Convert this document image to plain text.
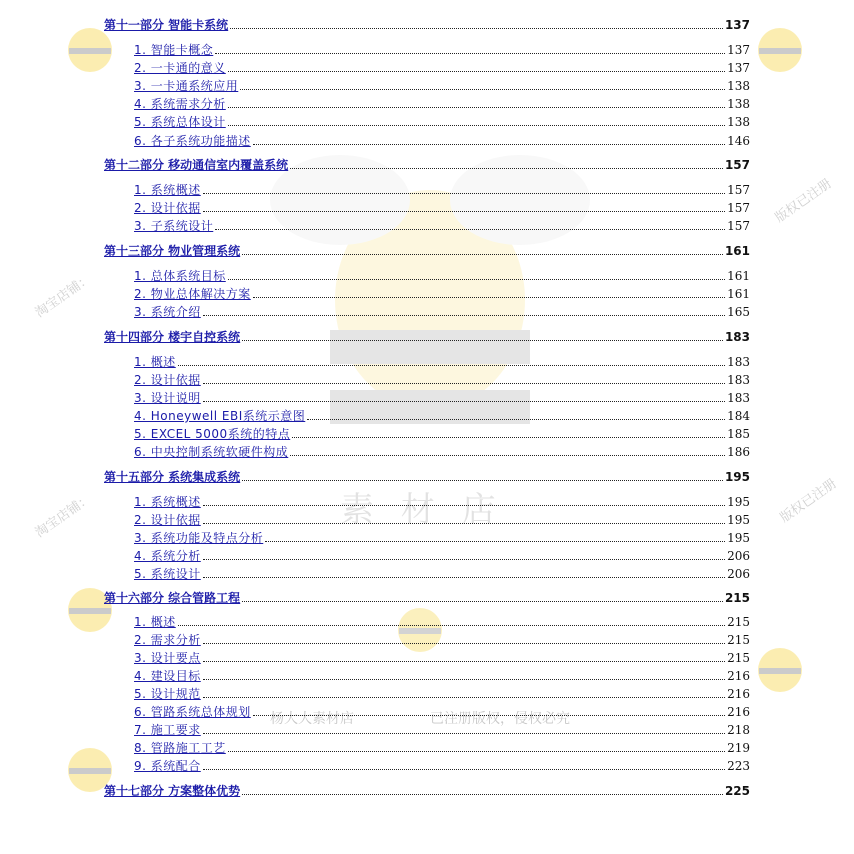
杨大大素材店	已注册版权，侵权必究
素 材 店
版权已注册
版权已注册
淘宝店铺：
淘宝店铺：
第十一部分 智能卡系统	137
1. 智能卡概念	137
2. 一卡通的意义	137
3. 一卡通系统应用	138
4. 系统需求分析	138
5. 系统总体设计	138
6. 各子系统功能描述	146
第十二部分 移动通信室内覆盖系统	157
1. 系统概述	157
2. 设计依据	157
3. 子系统设计	157
第十三部分 物业管理系统	161
1. 总体系统目标	161
2. 物业总体解决方案	161
3. 系统介绍	165
第十四部分 楼宇自控系统	183
1. 概述	183
2. 设计依据	183
3. 设计说明	183
4. Honeywell EBI系统示意图	184
5. EXCEL 5000系统的特点	185
6. 中央控制系统软硬件构成	186
第十五部分 系统集成系统	195
1. 系统概述	195
2. 设计依据	195
3. 系统功能及特点分析	195
4. 系统分析	206
5. 系统设计	206
第十六部分 综合管路工程	215
1. 概述	215
2. 需求分析	215
3. 设计要点	215
4. 建设目标	216
5. 设计规范	216
6. 管路系统总体规划	216
7. 施工要求	218
8. 管路施工工艺	219
9. 系统配合	223
第十七部分 方案整体优势	225
